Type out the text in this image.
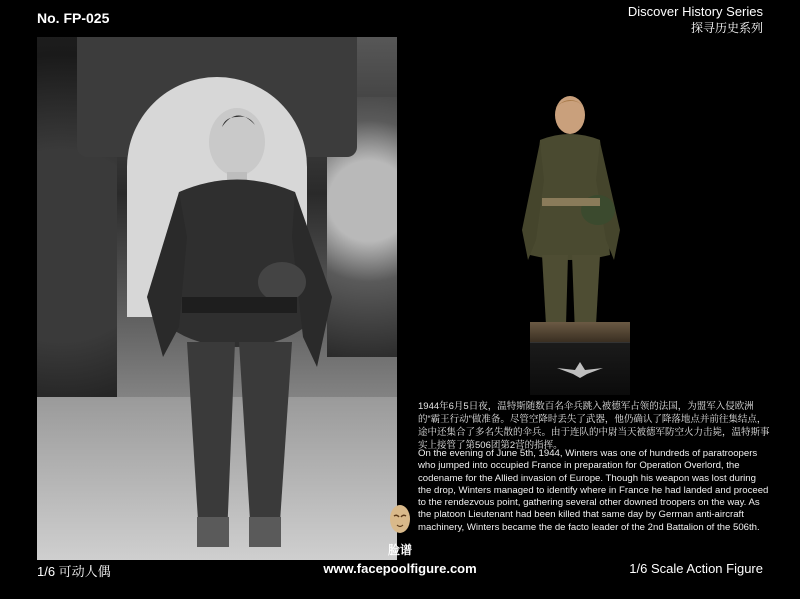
No. FP-025	Discover History Series
探寻历史系列
1944年6月5日夜，温特斯随数百名伞兵跳入被德军占领的法国，为盟军入侵欧洲的“霸王行动”做准备。尽管空降时丢失了武器，他仍确认了降落地点并前往集结点，途中还集合了多名失散的伞兵。由于连队的中尉当天被德军防空火力击毙，温特斯事实上接管了第506团第2营的指挥。
On the evening of June 5th, 1944, Winters was one of hundreds of paratroopers who jumped into occupied France in preparation for Operation Overlord, the codename for the Allied invasion of Europe. Though his weapon was lost during the drop, Winters managed to identify where in France he had landed and proceed to the rendezvous point, gathering several other downed troopers on the way. As the platoon Lieutenant had been killed that same day by German anti-aircraft machinery, Winters became the de facto leader of the 2nd Battalion of the 506th.
脸谱
1/6 可动人偶	www.facepoolfigure.com	1/6 Scale Action Figure
